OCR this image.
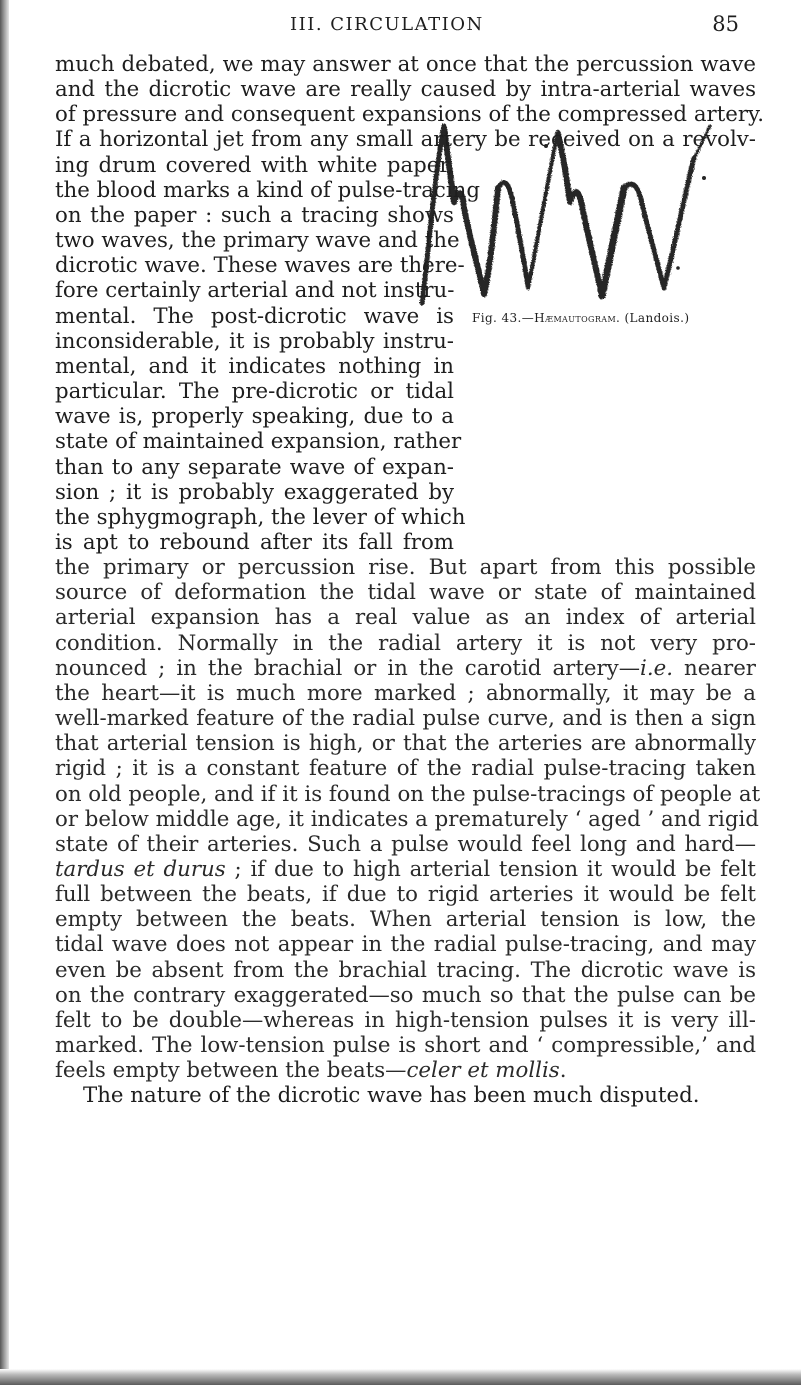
III. CIRCULATION	85
Fig. 43.—Hæmautogram. (Landois.)
much debated, we may answer at once that the percussion wave
and the dicrotic wave are really caused by intra-arterial waves
of pressure and consequent expansions of the compressed artery.
If a horizontal jet from any small artery be received on a revolv-
ing drum covered with white paper,
the blood marks a kind of pulse-tracing
on the paper : such a tracing shows
two waves, the primary wave and the
dicrotic wave. These waves are there-
fore certainly arterial and not instru-
mental. The post-dicrotic wave is
inconsiderable, it is probably instru-
mental, and it indicates nothing in
particular. The pre-dicrotic or tidal
wave is, properly speaking, due to a
state of maintained expansion, rather
than to any separate wave of expan-
sion ; it is probably exaggerated by
the sphygmograph, the lever of which
is apt to rebound after its fall from
the primary or percussion rise. But apart from this possible
source of deformation the tidal wave or state of maintained
arterial expansion has a real value as an index of arterial
condition. Normally in the radial artery it is not very pro-
nounced ; in the brachial or in the carotid artery—i.e. nearer
the heart—it is much more marked ; abnormally, it may be a
well-marked feature of the radial pulse curve, and is then a sign
that arterial tension is high, or that the arteries are abnormally
rigid ; it is a constant feature of the radial pulse-tracing taken
on old people, and if it is found on the pulse-tracings of people at
or below middle age, it indicates a prematurely ‘ aged ’ and rigid
state of their arteries. Such a pulse would feel long and hard—
tardus et durus ; if due to high arterial tension it would be felt
full between the beats, if due to rigid arteries it would be felt
empty between the beats. When arterial tension is low, the
tidal wave does not appear in the radial pulse-tracing, and may
even be absent from the brachial tracing. The dicrotic wave is
on the contrary exaggerated—so much so that the pulse can be
felt to be double—whereas in high-tension pulses it is very ill-
marked. The low-tension pulse is short and ‘ compressible,’ and
feels empty between the beats—celer et mollis.
The nature of the dicrotic wave has been much disputed.
